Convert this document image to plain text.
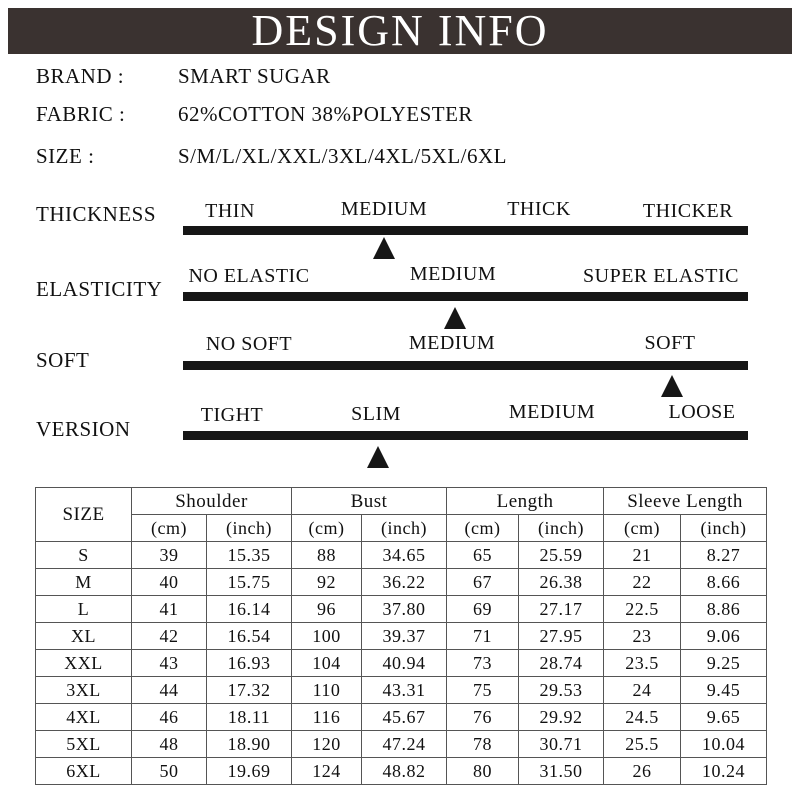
DESIGN INFO
BRAND :	SMART SUGAR
FABRIC :	62%COTTON 38%POLYESTER
SIZE :	S/M/L/XL/XXL/3XL/4XL/5XL/6XL
THICKNESS THIN	MEDIUM	THICK	THICKER
ELASTICITY
NO ELASTIC	MEDIUM	SUPER ELASTIC
SOFT
NO SOFT	MEDIUM	SOFT
VERSION
TIGHT	SLIM	MEDIUM	LOOSE
SIZE	Shoulder		Bust		Length		Sleeve Length	
	(cm)	(inch)	(cm)	(inch)	(cm)	(inch)	(cm)	(inch)
S	39	15.35	88	34.65	65	25.59	21	8.27
M	40	15.75	92	36.22	67	26.38	22	8.66
L	41	16.14	96	37.80	69	27.17	22.5	8.86
XL	42	16.54	100	39.37	71	27.95	23	9.06
XXL	43	16.93	104	40.94	73	28.74	23.5	9.25
3XL	44	17.32	110	43.31	75	29.53	24	9.45
4XL	46	18.11	116	45.67	76	29.92	24.5	9.65
5XL	48	18.90	120	47.24	78	30.71	25.5	10.04
6XL	50	19.69	124	48.82	80	31.50	26	10.24
